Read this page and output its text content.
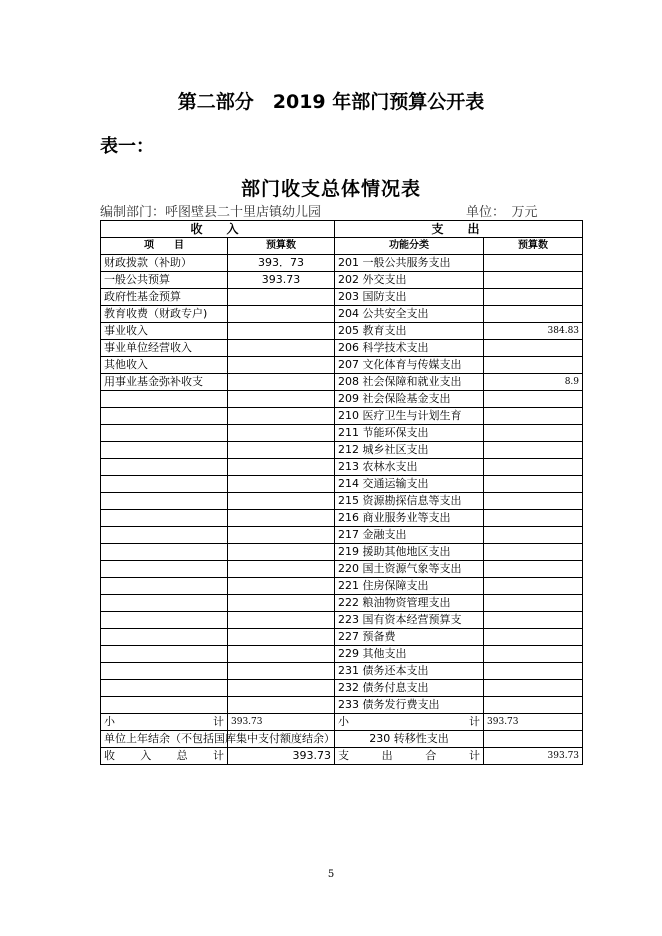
第二部分　2019 年部门预算公开表
表一：
部门收支总体情况表
编制部门：呼图壁县二十里店镇幼儿园	单位：　万元
收　入		支　出	
项　　目	预算数	功能分类	预算数
财政拨款（补助）	393．73	201 一般公共服务支出	
一般公共预算	393.73	202 外交支出	
政府性基金预算		203 国防支出	
教育收费（财政专户)		204 公共安全支出	
事业收入		205 教育支出	384.83
事业单位经营收入		206 科学技术支出	
其他收入		207 文化体育与传媒支出	
用事业基金弥补收支		208 社会保障和就业支出	8.9
		209 社会保险基金支出	
		210 医疗卫生与计划生育	
		211 节能环保支出	
		212 城乡社区支出	
		213 农林水支出	
		214 交通运输支出	
		215 资源勘探信息等支出	
		216 商业服务业等支出	
		217 金融支出	
		219 援助其他地区支出	
		220 国土资源气象等支出	
		221 住房保障支出	
		222 粮油物资管理支出	
		223 国有资本经营预算支	
		227 预备费	
		229 其他支出	
		231 债务还本支出	
		232 债务付息支出	
		233 债务发行费支出	
小计	393.73	小计	393.73
单位上年结余（不包括国库集中支付额度结余）		230 转移性支出	
收入总计	393.73	支出合计	393.73
5
